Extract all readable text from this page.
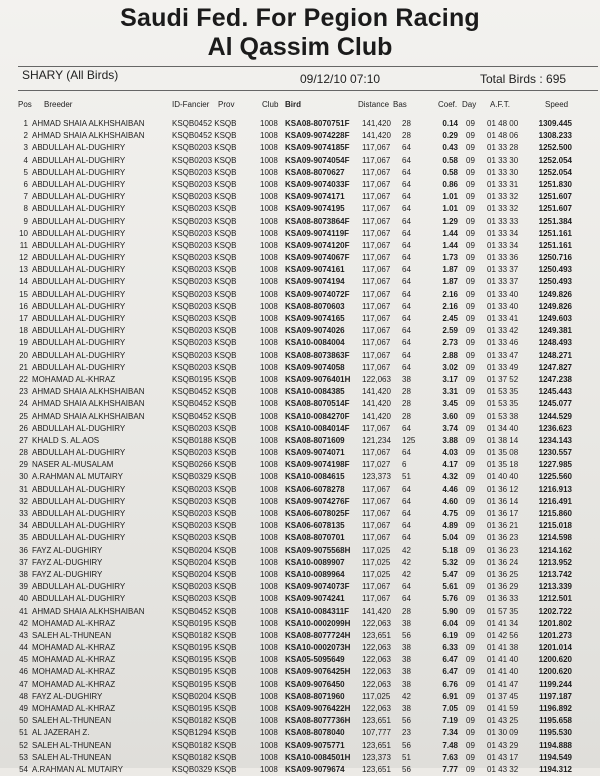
Saudi Fed. For Pegion Racing
Al Qassim Club
SHARY (All Birds)	09/12/10 07:10	Total Birds : 695
Pos Breeder	ID-Fancier Prov	Club Bird	Distance Bas	Coef. Day A.F.T.	Speed
1 AHMAD SHAIA ALKHSHAIBAN	KSQB0452 KSQB	1008 KSA08-8070751F 141,420 28	0.14 09 01 48 00	1309.445
2 AHMAD SHAIA ALKHSHAIBAN	KSQB0452 KSQB	1008 KSA09-9074228F 141,420 28	0.29 09 01 48 06	1308.233
3 ABDULLAH AL-DUGHIRY	KSQB0203 KSQB	1008 KSA09-9074185F 117,067 64	0.43 09 01 33 28	1252.500
4 ABDULLAH AL-DUGHIRY	KSQB0203 KSQB	1008 KSA09-9074054F 117,067 64	0.58 09 01 33 30	1252.054
5 ABDULLAH AL-DUGHIRY	KSQB0203 KSQB	1008 KSA08-8070627 117,067 64	0.58 09 01 33 30	1252.054
6 ABDULLAH AL-DUGHIRY	KSQB0203 KSQB	1008 KSA09-9074033F 117,067 64	0.86 09 01 33 31	1251.830
7 ABDULLAH AL-DUGHIRY	KSQB0203 KSQB	1008 KSA09-9074171 117,067 64	1.01 09 01 33 32	1251.607
8 ABDULLAH AL-DUGHIRY	KSQB0203 KSQB	1008 KSA09-9074195 117,067 64	1.01 09 01 33 32	1251.607
9 ABDULLAH AL-DUGHIRY	KSQB0203 KSQB	1008 KSA08-8073864F 117,067 64	1.29 09 01 33 33	1251.384
10 ABDULLAH AL-DUGHIRY	KSQB0203 KSQB	1008 KSA09-9074119F 117,067 64	1.44 09 01 33 34	1251.161
11 ABDULLAH AL-DUGHIRY	KSQB0203 KSQB	1008 KSA09-9074120F 117,067 64	1.44 09 01 33 34	1251.161
12 ABDULLAH AL-DUGHIRY	KSQB0203 KSQB	1008 KSA09-9074067F 117,067 64	1.73 09 01 33 36	1250.716
13 ABDULLAH AL-DUGHIRY	KSQB0203 KSQB	1008 KSA09-9074161 117,067 64	1.87 09 01 33 37	1250.493
14 ABDULLAH AL-DUGHIRY	KSQB0203 KSQB	1008 KSA09-9074194 117,067 64	1.87 09 01 33 37	1250.493
15 ABDULLAH AL-DUGHIRY	KSQB0203 KSQB	1008 KSA09-9074072F 117,067 64	2.16 09 01 33 40	1249.826
16 ABDULLAH AL-DUGHIRY	KSQB0203 KSQB	1008 KSA08-8070603 117,067 64	2.16 09 01 33 40	1249.826
17 ABDULLAH AL-DUGHIRY	KSQB0203 KSQB	1008 KSA09-9074165 117,067 64	2.45 09 01 33 41	1249.603
18 ABDULLAH AL-DUGHIRY	KSQB0203 KSQB	1008 KSA09-9074026 117,067 64	2.59 09 01 33 42	1249.381
19 ABDULLAH AL-DUGHIRY	KSQB0203 KSQB	1008 KSA10-0084004 117,067 64	2.73 09 01 33 46	1248.493
20 ABDULLAH AL-DUGHIRY	KSQB0203 KSQB	1008 KSA08-8073863F 117,067 64	2.88 09 01 33 47	1248.271
21 ABDULLAH AL-DUGHIRY	KSQB0203 KSQB	1008 KSA09-9074058 117,067 64	3.02 09 01 33 49	1247.827
22 MOHAMAD AL-KHRAZ	KSQB0195 KSQB	1008 KSA09-9076401H 122,063 38	3.17 09 01 37 52	1247.238
23 AHMAD SHAIA ALKHSHAIBAN	KSQB0452 KSQB	1008 KSA10-0084385 141,420 28	3.31 09 01 53 35	1245.443
24 AHMAD SHAIA ALKHSHAIBAN	KSQB0452 KSQB	1008 KSA08-8070514F 141,420 28	3.45 09 01 53 35	1245.077
25 AHMAD SHAIA ALKHSHAIBAN	KSQB0452 KSQB	1008 KSA10-0084270F 141,420 28	3.60 09 01 53 38	1244.529
26 ABDULLAH AL-DUGHIRY	KSQB0203 KSQB	1008 KSA10-0084014F 117,067 64	3.74 09 01 34 40	1236.623
27 KHALD S. AL.AOS	KSQB0188 KSQB	1008 KSA08-8071609 121,234 125	3.88 09 01 38 14	1234.143
28 ABDULLAH AL-DUGHIRY	KSQB0203 KSQB	1008 KSA09-9074071 117,067 64	4.03 09 01 35 08	1230.557
29 NASER AL-MUSALAM	KSQB0266 KSQB	1008 KSA09-9074198F 117,027 6	4.17 09 01 35 18	1227.985
30 A.RAHMAN AL MUTAIRY	KSQB0329 KSQB	1008 KSA10-0084615 123,373 51	4.32 09 01 40 40	1225.560
31 ABDULLAH AL-DUGHIRY	KSQB0203 KSQB	1008 KSA06-6078278 117,067 64	4.46 09 01 36 12	1216.913
32 ABDULLAH AL-DUGHIRY	KSQB0203 KSQB	1008 KSA09-9074276F 117,067 64	4.60 09 01 36 14	1216.491
33 ABDULLAH AL-DUGHIRY	KSQB0203 KSQB	1008 KSA06-6078025F 117,067 64	4.75 09 01 36 17	1215.860
34 ABDULLAH AL-DUGHIRY	KSQB0203 KSQB	1008 KSA06-6078135 117,067 64	4.89 09 01 36 21	1215.018
35 ABDULLAH AL-DUGHIRY	KSQB0203 KSQB	1008 KSA08-8070701 117,067 64	5.04 09 01 36 23	1214.598
36 FAYZ AL-DUGHIRY	KSQB0204 KSQB	1008 KSA09-9075568H 117,025 42	5.18 09 01 36 23	1214.162
37 FAYZ AL-DUGHIRY	KSQB0204 KSQB	1008 KSA10-0089907 117,025 42	5.32 09 01 36 24	1213.952
38 FAYZ AL-DUGHIRY	KSQB0204 KSQB	1008 KSA10-0089964 117,025 42	5.47 09 01 36 25	1213.742
39 ABDULLAH AL-DUGHIRY	KSQB0203 KSQB	1008 KSA09-9074073F 117,067 64	5.61 09 01 36 29	1213.339
40 ABDULLAH AL-DUGHIRY	KSQB0203 KSQB	1008 KSA09-9074241 117,067 64	5.76 09 01 36 33	1212.501
41 AHMAD SHAIA ALKHSHAIBAN	KSQB0452 KSQB	1008 KSA10-0084311F 141,420 28	5.90 09 01 57 35	1202.722
42 MOHAMAD AL-KHRAZ	KSQB0195 KSQB	1008 KSA10-0002099H 122,063 38	6.04 09 01 41 34	1201.802
43 SALEH AL-THUNEAN	KSQB0182 KSQB	1008 KSA08-8077724H 123,651 56	6.19 09 01 42 56	1201.273
44 MOHAMAD AL-KHRAZ	KSQB0195 KSQB	1008 KSA10-0002073H 122,063 38	6.33 09 01 41 38	1201.014
45 MOHAMAD AL-KHRAZ	KSQB0195 KSQB	1008 KSA05-5095649 122,063 38	6.47 09 01 41 40	1200.620
46 MOHAMAD AL-KHRAZ	KSQB0195 KSQB	1008 KSA09-9076425H 122,063 38	6.47 09 01 41 40	1200.620
47 MOHAMAD AL-KHRAZ	KSQB0195 KSQB	1008 KSA09-9076450 122,063 38	6.76 09 01 41 47	1199.244
48 FAYZ AL-DUGHIRY	KSQB0204 KSQB	1008 KSA08-8071960 117,025 42	6.91 09 01 37 45	1197.187
49 MOHAMAD AL-KHRAZ	KSQB0195 KSQB	1008 KSA09-9076422H 122,063 38	7.05 09 01 41 59	1196.892
50 SALEH AL-THUNEAN	KSQB0182 KSQB	1008 KSA08-8077736H 123,651 56	7.19 09 01 43 25	1195.658
51 AL JAZERAH Z.	KSQB1294 KSQB	1008 KSA08-8078040 107,777 23	7.34 09 01 30 09	1195.530
52 SALEH AL-THUNEAN	KSQB0182 KSQB	1008 KSA09-9075771 123,651 56	7.48 09 01 43 29	1194.888
53 SALEH AL-THUNEAN	KSQB0182 KSQB	1008 KSA10-0084501H 123,373 51	7.63 09 01 43 17	1194.549
54 A.RAHMAN AL MUTAIRY	KSQB0329 KSQB	1008 KSA09-9079674 123,651 56	7.77 09 01 43 32	1194.312
